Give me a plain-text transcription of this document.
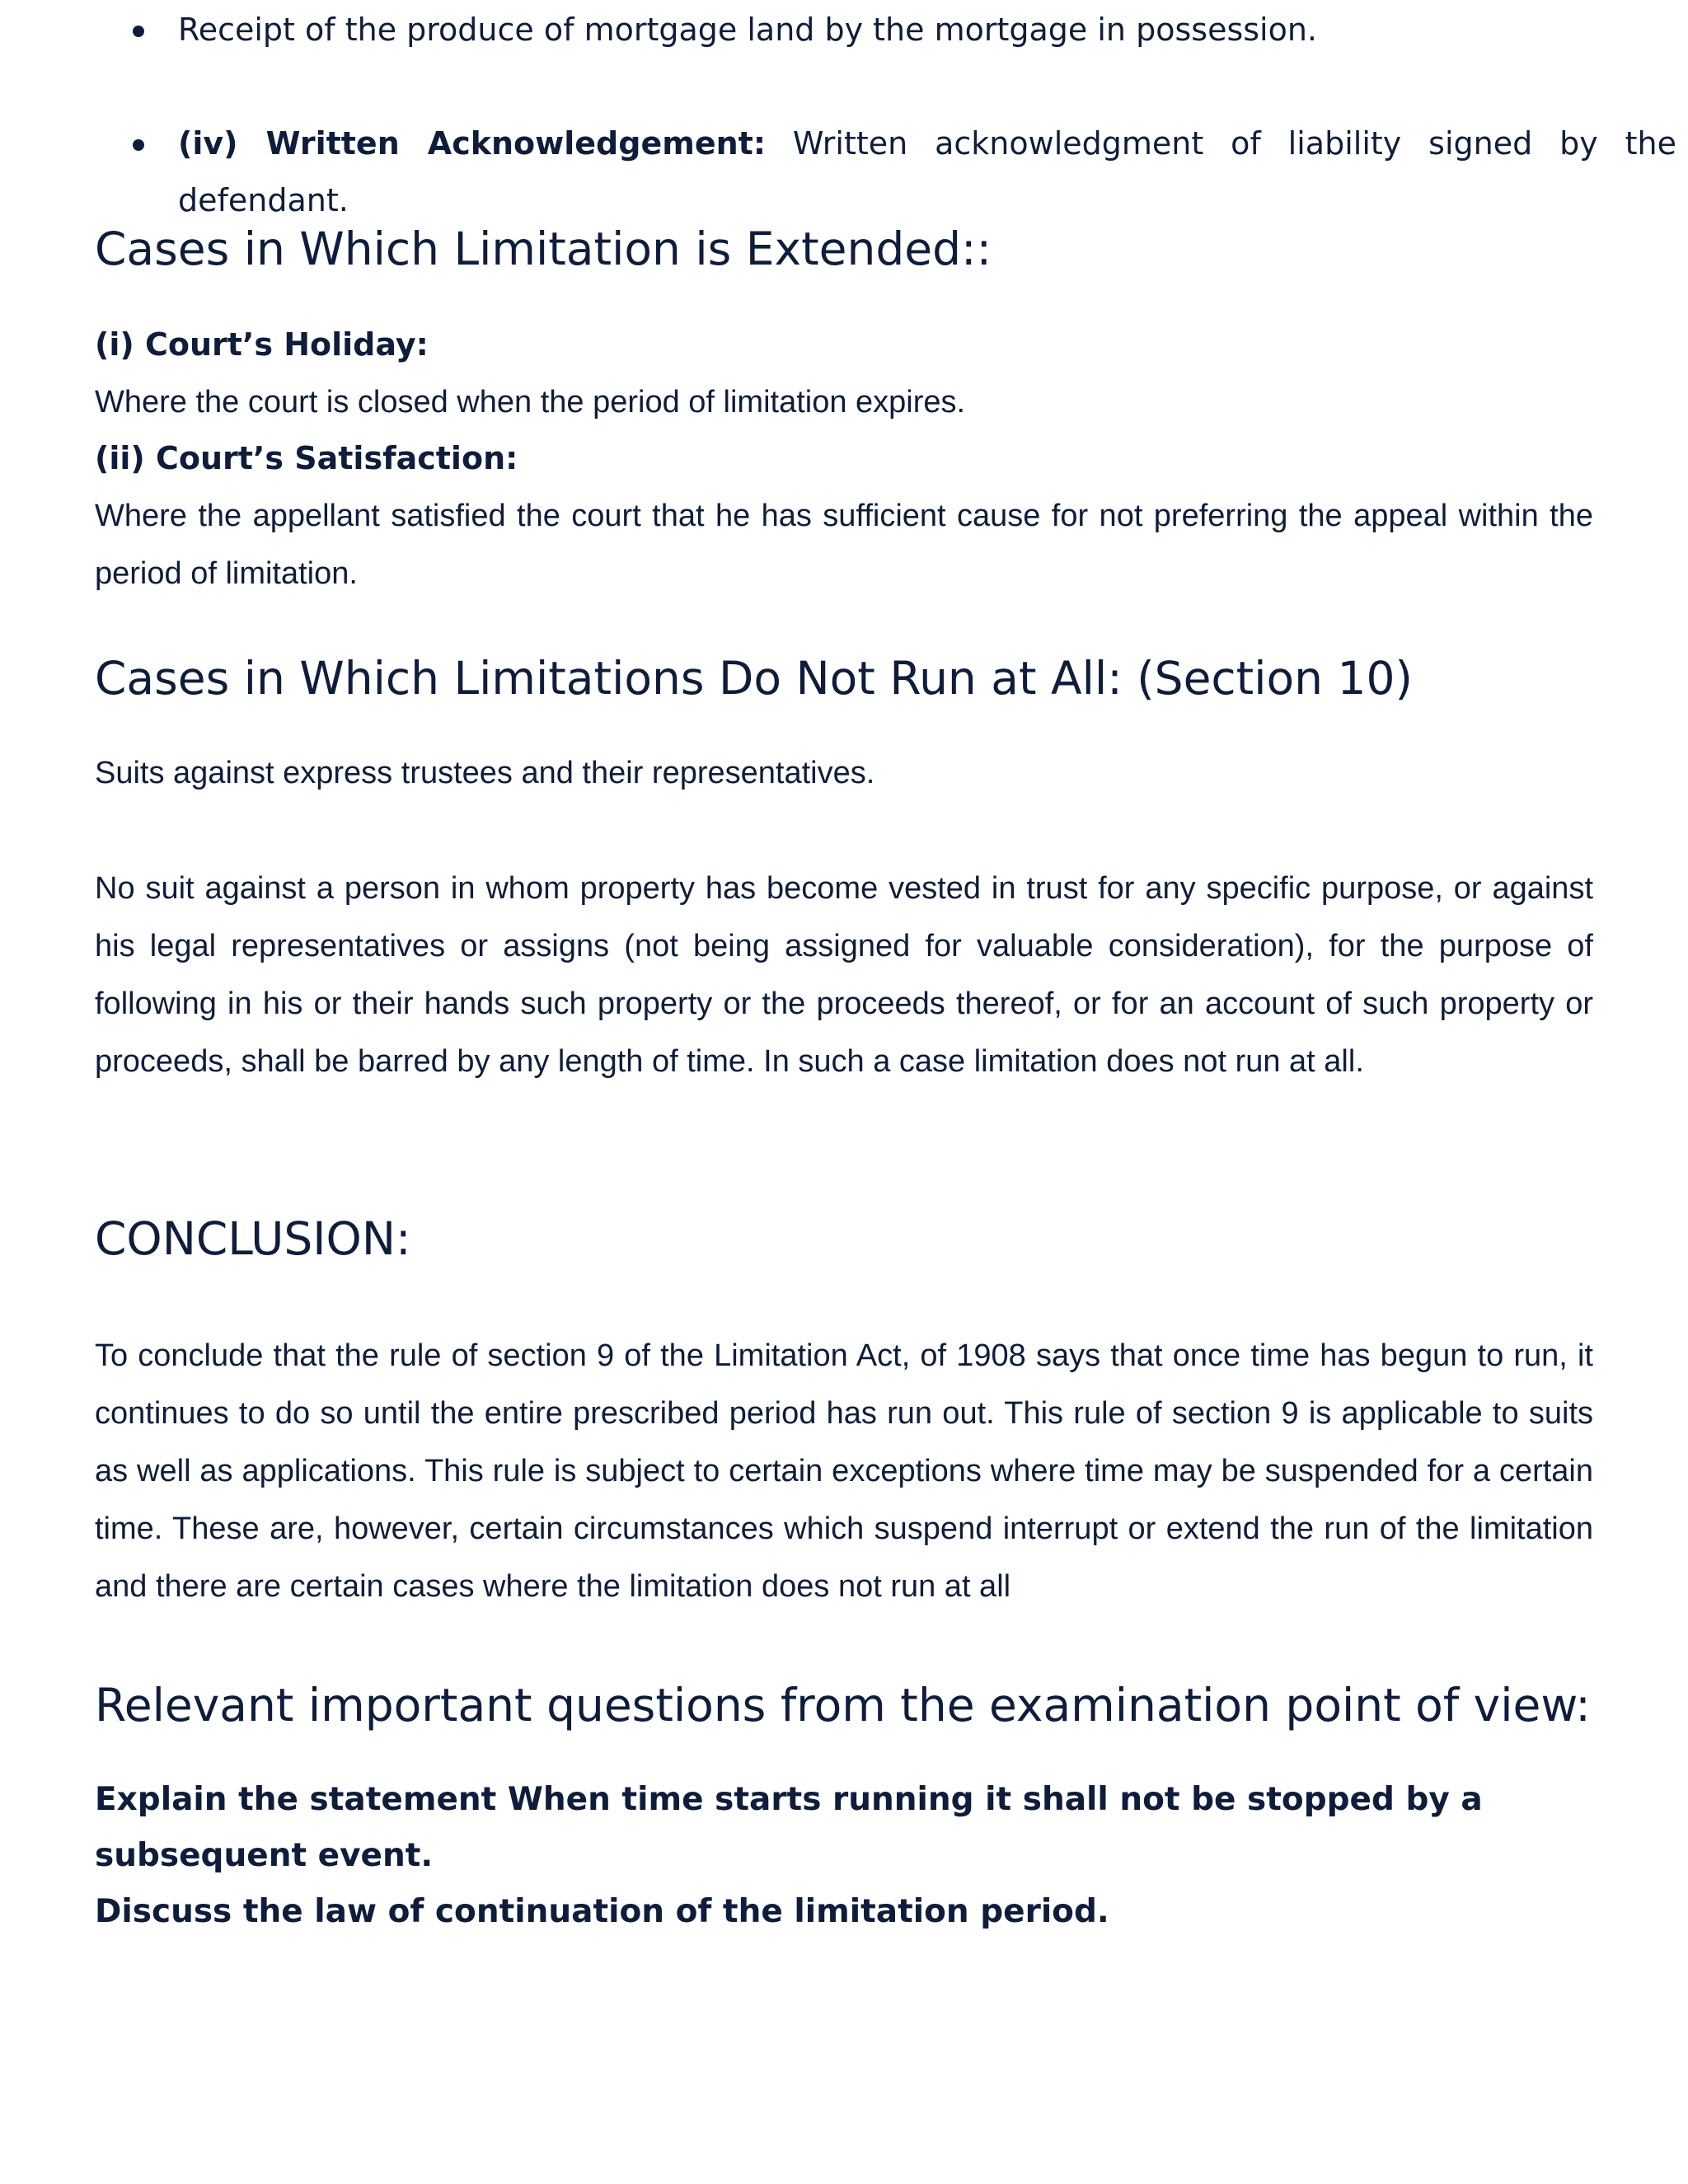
Receipt of the produce of mortgage land by the mortgage in possession.
(iv) Written Acknowledgement: Written acknowledgment of liability signed by the defendant.
Cases in Which Limitation is Extended::
(i) Court’s Holiday:

Where the court is closed when the period of limitation expires.

(ii) Court’s Satisfaction:

Where the appellant satisfied the court that he has sufficient cause for not preferring the appeal within the period of limitation.

Cases in Which Limitations Do Not Run at All: (Section 10)

Suits against express trustees and their representatives.

No suit against a person in whom property has become vested in trust for any specific purpose, or against his legal representatives or assigns (not being assigned for valuable consideration), for the purpose of following in his or their hands such property or the proceeds thereof, or for an account of such property or proceeds, shall be barred by any length of time. In such a case limitation does not run at all.

CONCLUSION:

To conclude that the rule of section 9 of the Limitation Act, of 1908 says that once time has begun to run, it continues to do so until the entire prescribed period has run out. This rule of section 9 is applicable to suits as well as applications. This rule is subject to certain exceptions where time may be suspended for a certain time. These are, however, certain circumstances which suspend interrupt or extend the run of the limitation and there are certain cases where the limitation does not run at all

Relevant important questions from the examination point of view:

Explain the statement When time starts running it shall not be stopped by a subsequent event.

Discuss the law of continuation of the limitation period.
